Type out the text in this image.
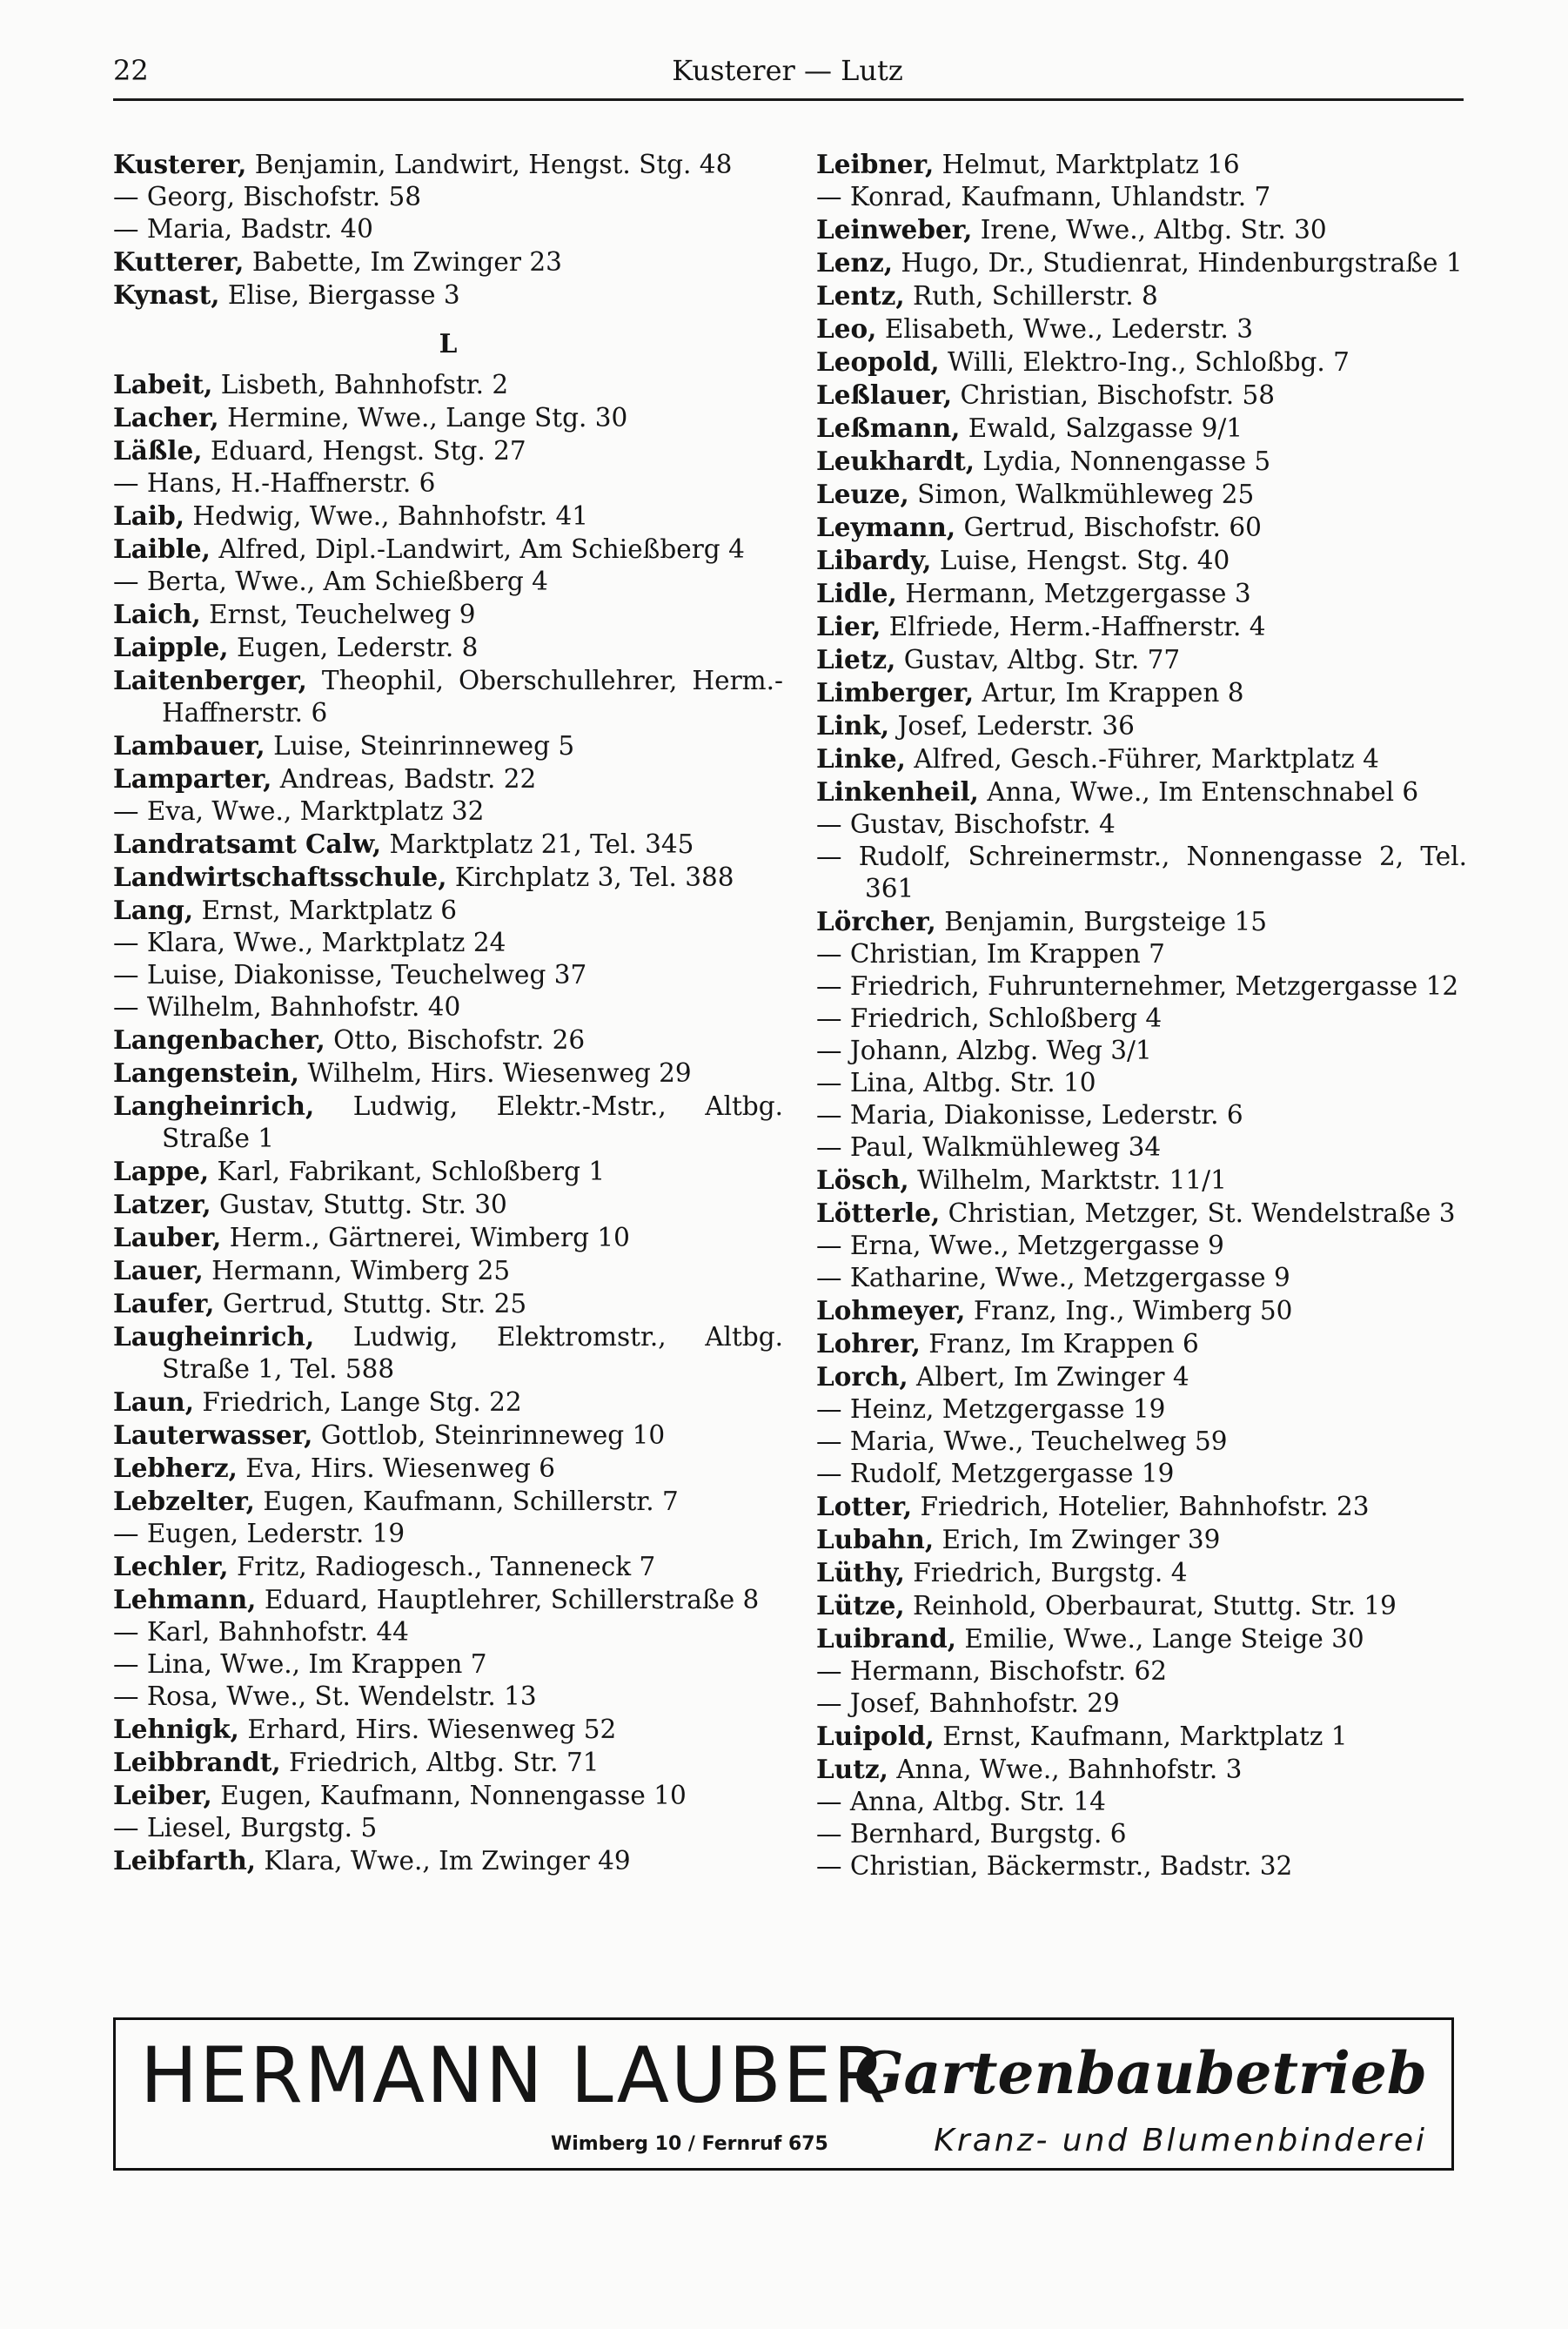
22	Kusterer — Lutz
Kusterer, Benjamin, Landwirt, Hengst. Stg. 48
— Georg, Bischofstr. 58
— Maria, Badstr. 40
Kutterer, Babette, Im Zwinger 23
Kynast, Elise, Biergasse 3
L
Labeit, Lisbeth, Bahnhofstr. 2
Lacher, Hermine, Wwe., Lange Stg. 30
Läßle, Eduard, Hengst. Stg. 27
— Hans, H.-Haffnerstr. 6
Laib, Hedwig, Wwe., Bahnhofstr. 41
Laible, Alfred, Dipl.-Landwirt, Am Schießberg 4
— Berta, Wwe., Am Schießberg 4
Laich, Ernst, Teuchelweg 9
Laipple, Eugen, Lederstr. 8
Laitenberger, Theophil, Oberschullehrer, Herm.-Haffnerstr. 6
Lambauer, Luise, Steinrinneweg 5
Lamparter, Andreas, Badstr. 22
— Eva, Wwe., Marktplatz 32
Landratsamt Calw, Marktplatz 21, Tel. 345
Landwirtschaftsschule, Kirchplatz 3, Tel. 388
Lang, Ernst, Marktplatz 6
— Klara, Wwe., Marktplatz 24
— Luise, Diakonisse, Teuchelweg 37
— Wilhelm, Bahnhofstr. 40
Langenbacher, Otto, Bischofstr. 26
Langenstein, Wilhelm, Hirs. Wiesenweg 29
Langheinrich, Ludwig, Elektr.-Mstr., Altbg. Straße 1
Lappe, Karl, Fabrikant, Schloßberg 1
Latzer, Gustav, Stuttg. Str. 30
Lauber, Herm., Gärtnerei, Wimberg 10
Lauer, Hermann, Wimberg 25
Laufer, Gertrud, Stuttg. Str. 25
Laugheinrich, Ludwig, Elektromstr., Altbg. Straße 1, Tel. 588
Laun, Friedrich, Lange Stg. 22
Lauterwasser, Gottlob, Steinrinneweg 10
Lebherz, Eva, Hirs. Wiesenweg 6
Lebzelter, Eugen, Kaufmann, Schillerstr. 7
— Eugen, Lederstr. 19
Lechler, Fritz, Radiogesch., Tanneneck 7
Lehmann, Eduard, Hauptlehrer, Schillerstraße 8
— Karl, Bahnhofstr. 44
— Lina, Wwe., Im Krappen 7
— Rosa, Wwe., St. Wendelstr. 13
Lehnigk, Erhard, Hirs. Wiesenweg 52
Leibbrandt, Friedrich, Altbg. Str. 71
Leiber, Eugen, Kaufmann, Nonnengasse 10
— Liesel, Burgstg. 5
Leibfarth, Klara, Wwe., Im Zwinger 49
Leibner, Helmut, Marktplatz 16
— Konrad, Kaufmann, Uhlandstr. 7
Leinweber, Irene, Wwe., Altbg. Str. 30
Lenz, Hugo, Dr., Studienrat, Hindenburgstraße 1
Lentz, Ruth, Schillerstr. 8
Leo, Elisabeth, Wwe., Lederstr. 3
Leopold, Willi, Elektro-Ing., Schloßbg. 7
Leßlauer, Christian, Bischofstr. 58
Leßmann, Ewald, Salzgasse 9/1
Leukhardt, Lydia, Nonnengasse 5
Leuze, Simon, Walkmühleweg 25
Leymann, Gertrud, Bischofstr. 60
Libardy, Luise, Hengst. Stg. 40
Lidle, Hermann, Metzgergasse 3
Lier, Elfriede, Herm.-Haffnerstr. 4
Lietz, Gustav, Altbg. Str. 77
Limberger, Artur, Im Krappen 8
Link, Josef, Lederstr. 36
Linke, Alfred, Gesch.-Führer, Marktplatz 4
Linkenheil, Anna, Wwe., Im Entenschnabel 6
— Gustav, Bischofstr. 4
— Rudolf, Schreinermstr., Nonnengasse 2, Tel. 361
Lörcher, Benjamin, Burgsteige 15
— Christian, Im Krappen 7
— Friedrich, Fuhrunternehmer, Metzgergasse 12
— Friedrich, Schloßberg 4
— Johann, Alzbg. Weg 3/1
— Lina, Altbg. Str. 10
— Maria, Diakonisse, Lederstr. 6
— Paul, Walkmühleweg 34
Lösch, Wilhelm, Marktstr. 11/1
Lötterle, Christian, Metzger, St. Wendelstraße 3
— Erna, Wwe., Metzgergasse 9
— Katharine, Wwe., Metzgergasse 9
Lohmeyer, Franz, Ing., Wimberg 50
Lohrer, Franz, Im Krappen 6
Lorch, Albert, Im Zwinger 4
— Heinz, Metzgergasse 19
— Maria, Wwe., Teuchelweg 59
— Rudolf, Metzgergasse 19
Lotter, Friedrich, Hotelier, Bahnhofstr. 23
Lubahn, Erich, Im Zwinger 39
Lüthy, Friedrich, Burgstg. 4
Lütze, Reinhold, Oberbaurat, Stuttg. Str. 19
Luibrand, Emilie, Wwe., Lange Steige 30
— Hermann, Bischofstr. 62
— Josef, Bahnhofstr. 29
Luipold, Ernst, Kaufmann, Marktplatz 1
Lutz, Anna, Wwe., Bahnhofstr. 3
— Anna, Altbg. Str. 14
— Bernhard, Burgstg. 6
— Christian, Bäckermstr., Badstr. 32
HERMANN LAUBER
Wimberg 10 / Fernruf 675
Gartenbaubetrieb
Kranz- und Blumenbinderei
